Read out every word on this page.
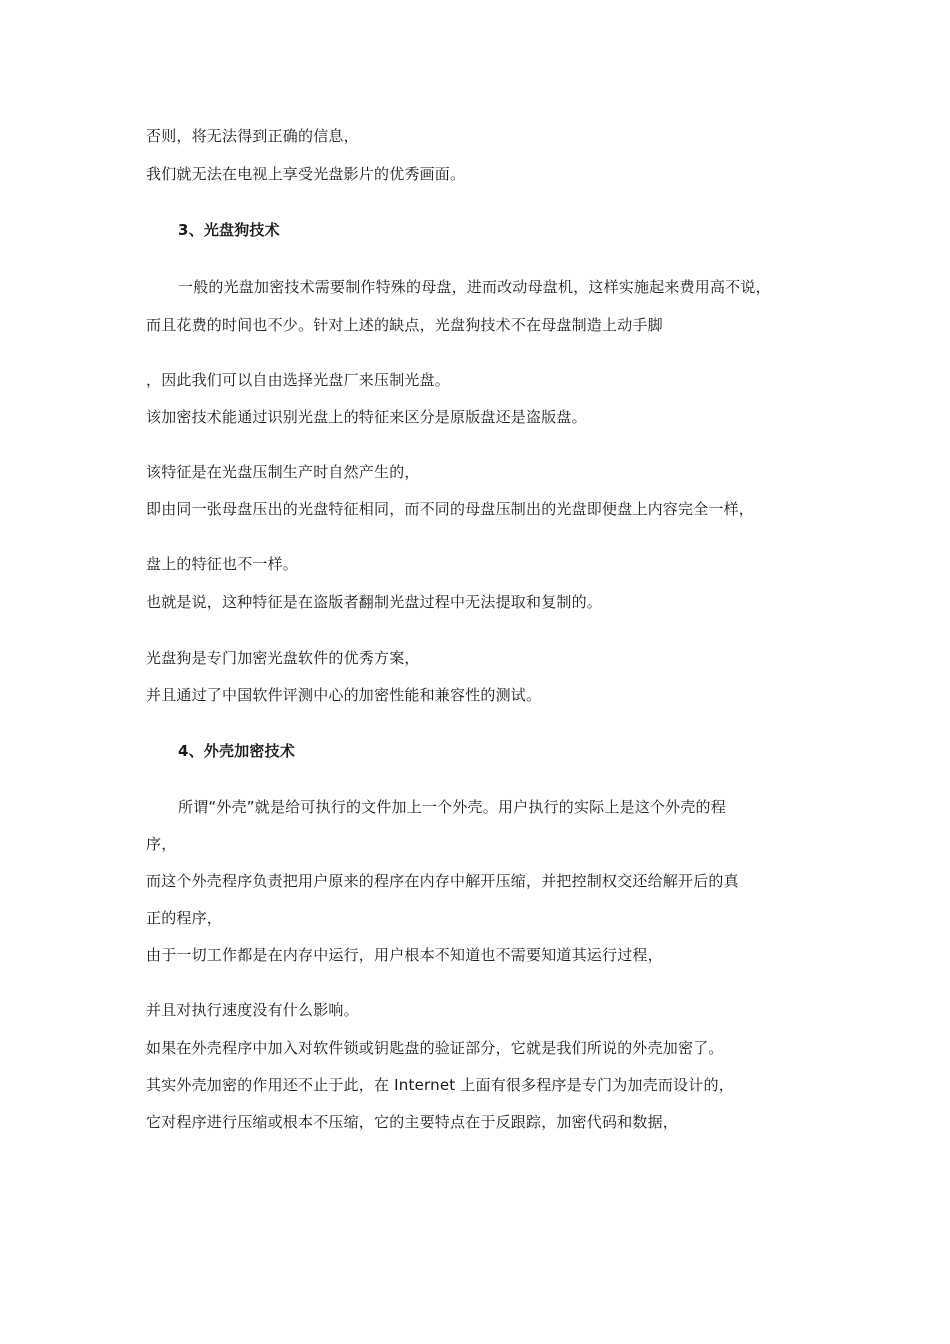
否则，将无法得到正确的信息，
我们就无法在电视上享受光盘影片的优秀画面。
3、光盘狗技术
一般的光盘加密技术需要制作特殊的母盘，进而改动母盘机，这样实施起来费用高不说，
而且花费的时间也不少。针对上述的缺点，光盘狗技术不在母盘制造上动手脚
，因此我们可以自由选择光盘厂来压制光盘。
该加密技术能通过识别光盘上的特征来区分是原版盘还是盗版盘。
该特征是在光盘压制生产时自然产生的，
即由同一张母盘压出的光盘特征相同，而不同的母盘压制出的光盘即便盘上内容完全一样，
盘上的特征也不一样。
也就是说，这种特征是在盗版者翻制光盘过程中无法提取和复制的。
光盘狗是专门加密光盘软件的优秀方案，
并且通过了中国软件评测中心的加密性能和兼容性的测试。
4、外壳加密技术
所谓“外壳”就是给可执行的文件加上一个外壳。用户执行的实际上是这个外壳的程
序，
而这个外壳程序负责把用户原来的程序在内存中解开压缩，并把控制权交还给解开后的真
正的程序，
由于一切工作都是在内存中运行，用户根本不知道也不需要知道其运行过程，
并且对执行速度没有什么影响。
如果在外壳程序中加入对软件锁或钥匙盘的验证部分，它就是我们所说的外壳加密了。
其实外壳加密的作用还不止于此，在 Internet 上面有很多程序是专门为加壳而设计的，
它对程序进行压缩或根本不压缩，它的主要特点在于反跟踪，加密代码和数据，
